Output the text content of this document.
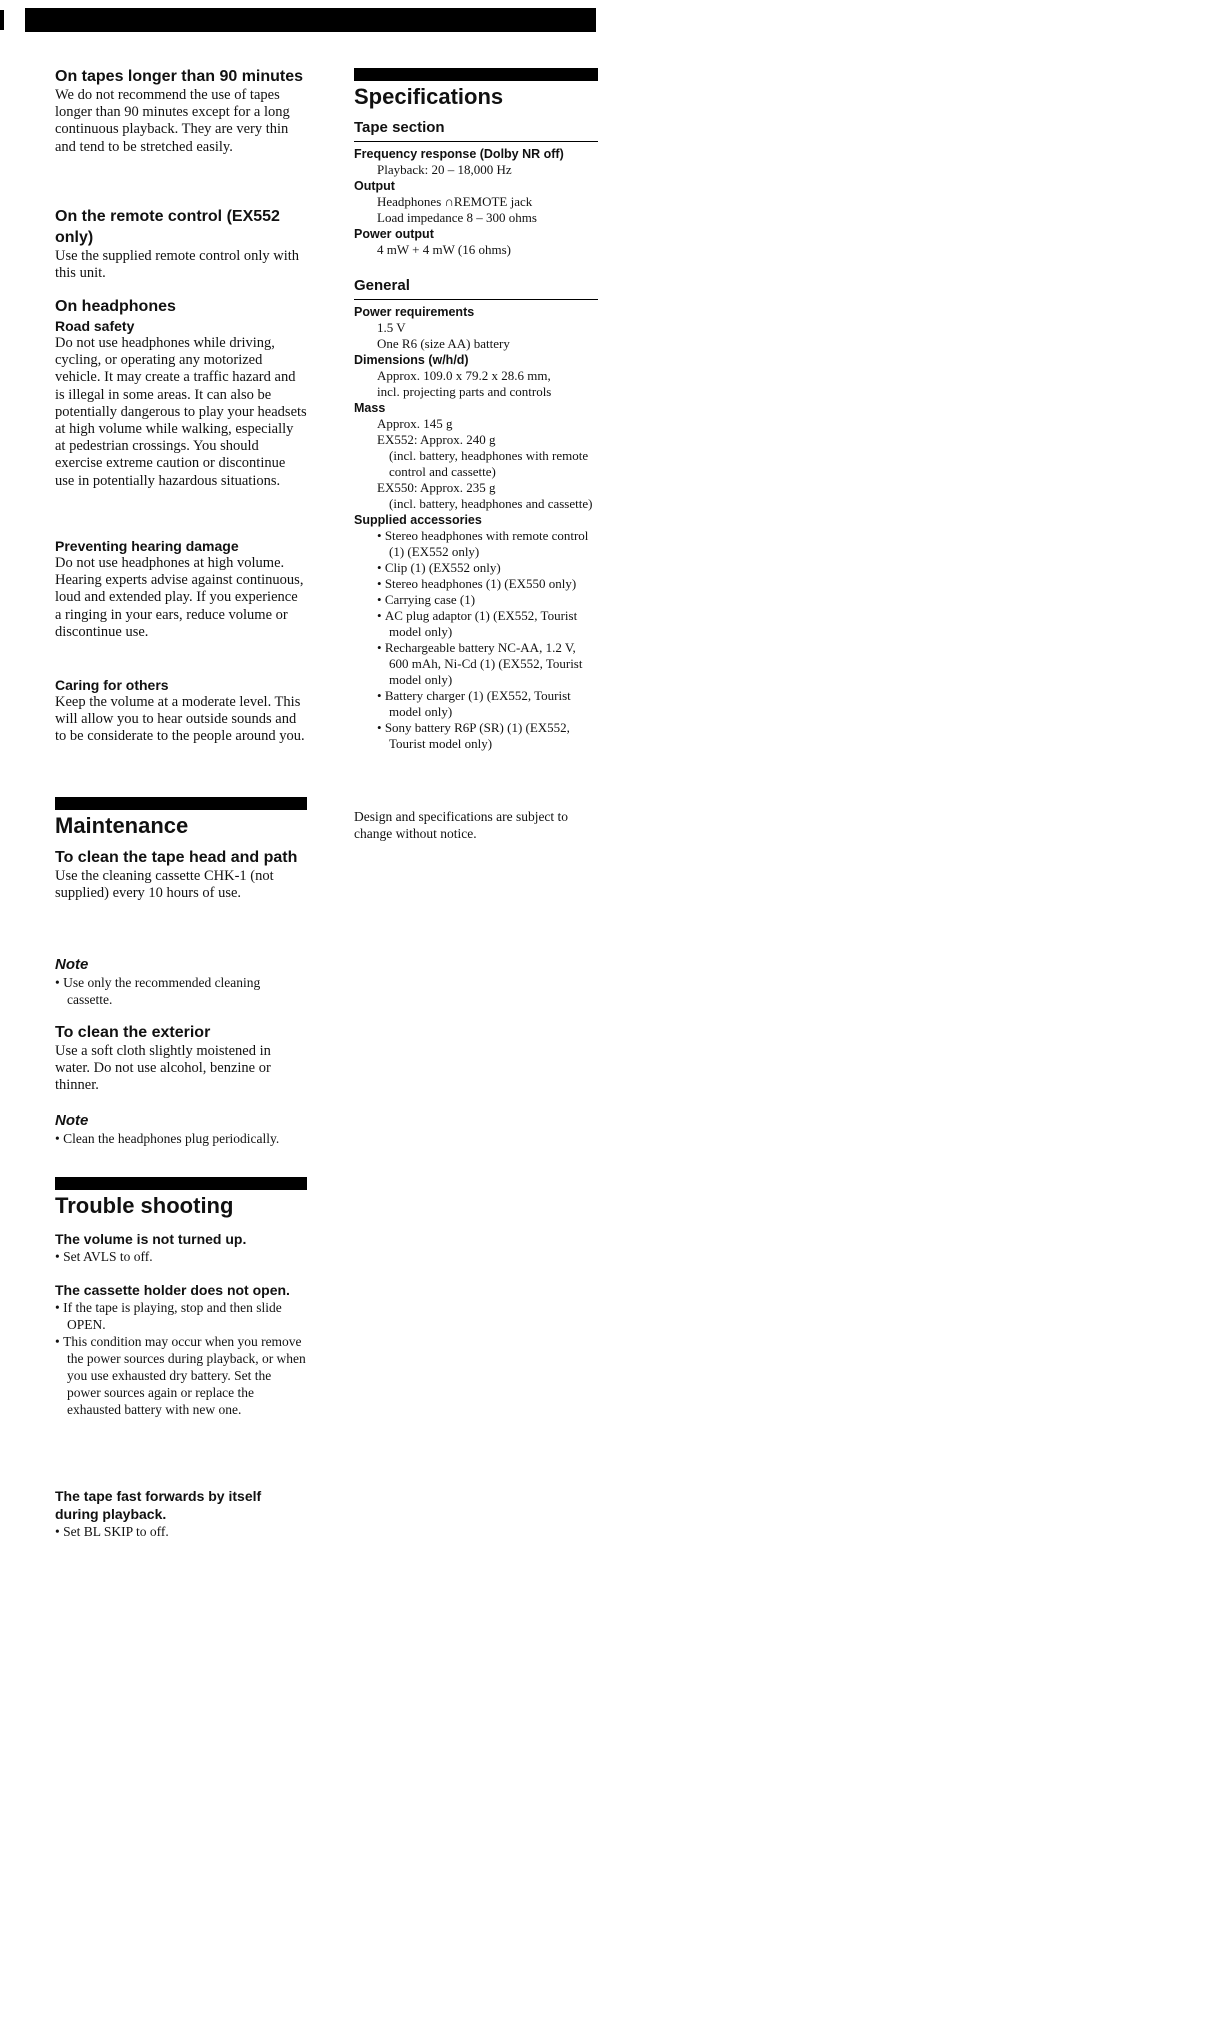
On tapes longer than 90 minutes

We do not recommend the use of tapes longer than 90 minutes except for a long continuous playback. They are very thin and tend to be stretched easily.

On the remote control (EX552 only)

Use the supplied remote control only with this unit.

On headphones

Road safety

Do not use headphones while driving, cycling, or operating any motorized vehicle. It may create a traffic hazard and is illegal in some areas. It can also be potentially dangerous to play your headsets at high volume while walking, especially at pedestrian crossings. You should exercise extreme caution or discontinue use in potentially hazardous situations.

Preventing hearing damage

Do not use headphones at high volume. Hearing experts advise against continuous, loud and extended play. If you experience a ringing in your ears, reduce volume or discontinue use.

Caring for others

Keep the volume at a moderate level. This will allow you to hear outside sounds and to be considerate to the people around you.

Maintenance

To clean the tape head and path

Use the cleaning cassette CHK-1 (not supplied) every 10 hours of use.

Note

• Use only the recommended cleaning cassette.

To clean the exterior

Use a soft cloth slightly moistened in water. Do not use alcohol, benzine or thinner.

Note

• Clean the headphones plug periodically.

Trouble shooting

The volume is not turned up.

• Set AVLS to off.

The cassette holder does not open.

• If the tape is playing, stop and then slide OPEN.

• This condition may occur when you remove the power sources during playback, or when you use exhausted dry battery. Set the power sources again or replace the exhausted battery with new one.

The tape fast forwards by itself during playback.

• Set BL SKIP to off.

Specifications

Tape section

Frequency response (Dolby NR off)

Playback: 20 – 18,000 Hz

Output

Headphones ∩REMOTE jack

Load impedance 8 – 300 ohms

Power output

4 mW + 4 mW (16 ohms)

General

Power requirements

1.5 V

One R6 (size AA) battery

Dimensions (w/h/d)

Approx. 109.0 x 79.2 x 28.6 mm,

incl. projecting parts and controls

Mass

Approx. 145 g

EX552: Approx. 240 g

(incl. battery, headphones with remote control and cassette)

EX550: Approx. 235 g

(incl. battery, headphones and cassette)

Supplied accessories

• Stereo headphones with remote control (1) (EX552 only)

• Clip (1) (EX552 only)

• Stereo headphones (1) (EX550 only)

• Carrying case (1)

• AC plug adaptor (1) (EX552, Tourist model only)

• Rechargeable battery NC-AA, 1.2 V, 600 mAh, Ni-Cd (1) (EX552, Tourist model only)

• Battery charger (1) (EX552, Tourist model only)

• Sony battery R6P (SR) (1) (EX552, Tourist model only)

Design and specifications are subject to change without notice.
